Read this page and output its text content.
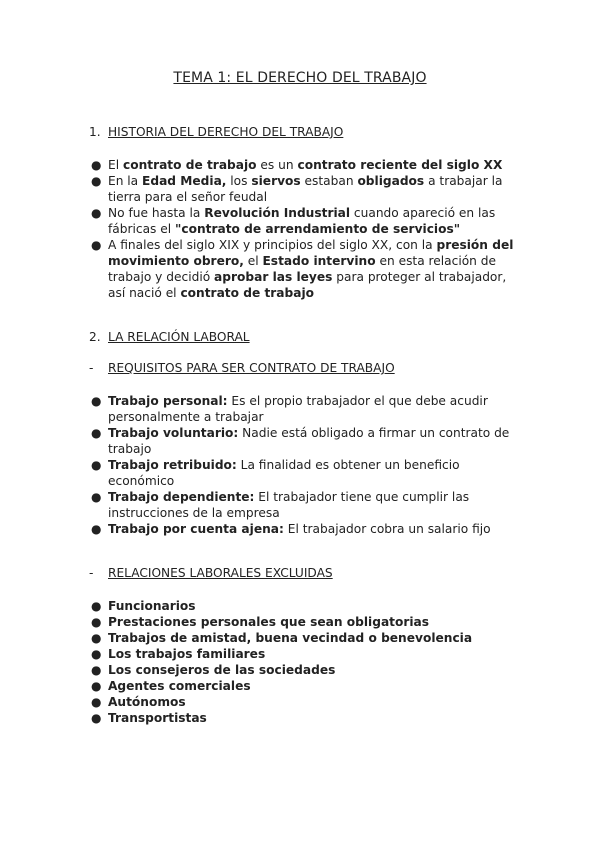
TEMA 1: EL DERECHO DEL TRABAJO
1. HISTORIA DEL DERECHO DEL TRABAJO
● El contrato de trabajo es un contrato reciente del siglo XX
● En la Edad Media, los siervos estaban obligados a trabajar la tierra para el señor feudal
● No fue hasta la Revolución Industrial cuando apareció en las fábricas el "contrato de arrendamiento de servicios"
● A finales del siglo XIX y principios del siglo XX, con la presión del movimiento obrero, el Estado intervino en esta relación de trabajo y decidió aprobar las leyes para proteger al trabajador, así nació el contrato de trabajo
2. LA RELACIÓN LABORAL
-	REQUISITOS PARA SER CONTRATO DE TRABAJO
● Trabajo personal: Es el propio trabajador el que debe acudir personalmente a trabajar
● Trabajo voluntario: Nadie está obligado a firmar un contrato de trabajo
● Trabajo retribuido: La finalidad es obtener un beneficio económico
● Trabajo dependiente: El trabajador tiene que cumplir las instrucciones de la empresa
● Trabajo por cuenta ajena: El trabajador cobra un salario fijo
-	RELACIONES LABORALES EXCLUIDAS
● Funcionarios
● Prestaciones personales que sean obligatorias
● Trabajos de amistad, buena vecindad o benevolencia
● Los trabajos familiares
● Los consejeros de las sociedades
● Agentes comerciales
● Autónomos
● Transportistas
